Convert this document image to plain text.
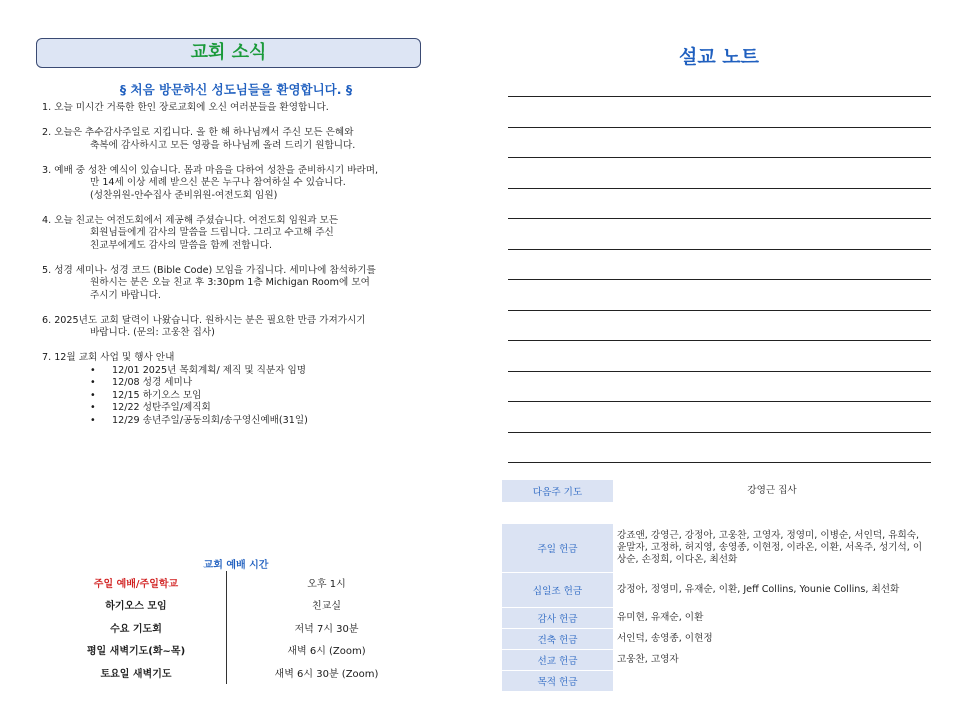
교회 소식
§ 처음 방문하신 성도님들을 환영합니다. §
1. 오늘 미시간 거룩한 한인 장로교회에 오신 여러분들을 환영합니다.
2. 오늘은 추수감사주일로 지킵니다. 올 한 해 하나님께서 주신 모든 은혜와
축복에 감사하시고 모든 영광을 하나님께 올려 드리기 원합니다.
3. 예배 중 성찬 예식이 있습니다. 몸과 마음을 다하여 성찬을 준비하시기 바라며,
만 14세 이상 세례 받으신 분은 누구나 참여하실 수 있습니다.
(성찬위원-안수집사 준비위원-여전도회 임원)
4. 오늘 친교는 여전도회에서 제공해 주셨습니다. 여전도회 임원과 모든
회원님들에게 감사의 말씀을 드립니다. 그리고 수고해 주신
친교부에게도 감사의 말씀을 함께 전합니다.
5. 성경 세미나- 성경 코드 (Bible Code) 모임을 가집니다. 세미나에 참석하기를
원하시는 분은 오늘 친교 후 3:30pm 1층 Michigan Room에 모여
주시기 바랍니다.
6. 2025년도 교회 달력이 나왔습니다. 원하시는 분은 필요한 만큼 가져가시기
바랍니다. (문의: 고웅찬 집사)
7. 12월 교회 사업 및 행사 안내
• 12/01 2025년 목회계획/ 제직 및 직분자 임명
• 12/08 성경 세미나
• 12/15 하기오스 모임
• 12/22 성탄주일/제직회
• 12/29 송년주일/공동의회/송구영신예배(31일)
교회 예배 시간
주일 예배/주일학교	오후 1시
하기오스 모임	친교실
수요 기도회	저녁 7시 30분
평일 새벽기도(화~목)	새벽 6시 (Zoom)
토요일 새벽기도	새벽 6시 30분 (Zoom)
설교 노트
다음주 기도	강영근 집사
주일 헌금	강죠앤, 강영근, 강정아, 고웅찬, 고영자, 정영미, 이병순, 서인덕, 유희숙, 윤말자, 고정하, 허지영, 송영종, 이현정, 이라온, 이환, 서옥주, 성기석, 이상순, 손정희, 이다온, 최선화
십일조 헌금	강정아, 정영미, 유재순, 이환, Jeff Collins, Younie Collins, 최선화
감사 헌금	유미현, 유재순, 이환
건축 헌금	서인덕, 송영종, 이현정
선교 헌금	고웅찬, 고영자
목적 헌금	
